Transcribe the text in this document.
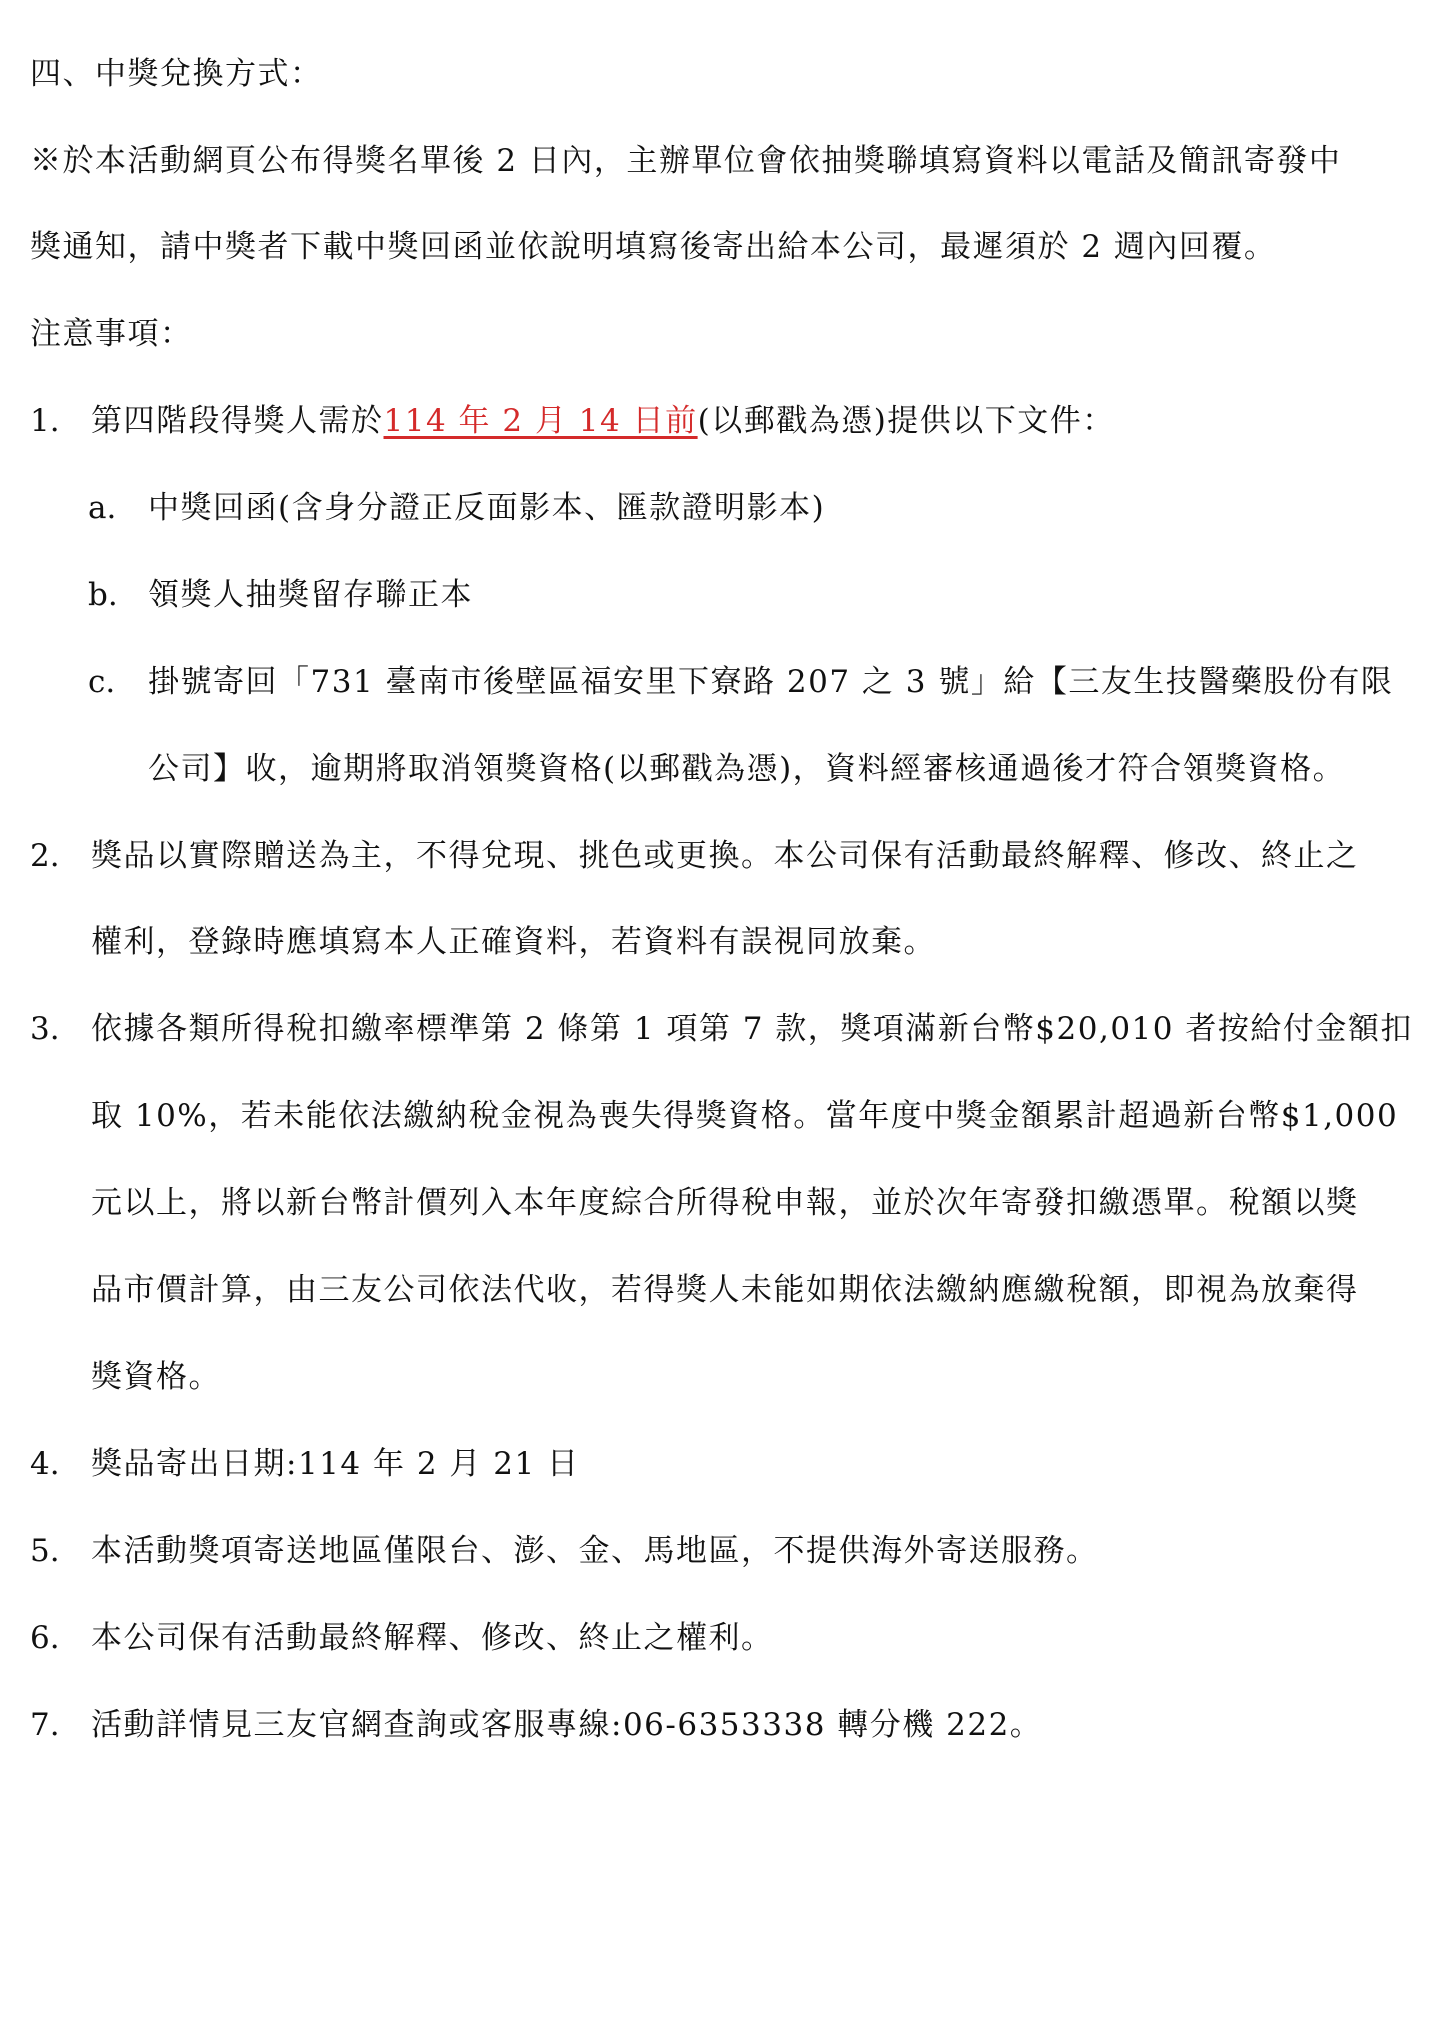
四、中獎兌換方式：
※於本活動網頁公布得獎名單後 2 日內，主辦單位會依抽獎聯填寫資料以電話及簡訊寄發中
獎通知，請中獎者下載中獎回函並依說明填寫後寄出給本公司，最遲須於 2 週內回覆。
注意事項：
1. 第四階段得獎人需於114 年 2 月 14 日前(以郵戳為憑)提供以下文件：
a. 中獎回函(含身分證正反面影本、匯款證明影本)
b. 領獎人抽獎留存聯正本
c. 掛號寄回「731 臺南市後壁區福安里下寮路 207 之 3 號」給【三友生技醫藥股份有限
公司】收，逾期將取消領獎資格(以郵戳為憑)，資料經審核通過後才符合領獎資格。
2. 獎品以實際贈送為主，不得兌現、挑色或更換。本公司保有活動最終解釋、修改、終止之
權利，登錄時應填寫本人正確資料，若資料有誤視同放棄。
3. 依據各類所得稅扣繳率標準第 2 條第 1 項第 7 款，獎項滿新台幣$20,010 者按給付金額扣
取 10%，若未能依法繳納稅金視為喪失得獎資格。當年度中獎金額累計超過新台幣$1,000
元以上，將以新台幣計價列入本年度綜合所得稅申報，並於次年寄發扣繳憑單。稅額以獎
品市價計算，由三友公司依法代收，若得獎人未能如期依法繳納應繳稅額，即視為放棄得
獎資格。
4. 獎品寄出日期:114 年 2 月 21 日
5. 本活動獎項寄送地區僅限台、澎、金、馬地區，不提供海外寄送服務。
6. 本公司保有活動最終解釋、修改、終止之權利。
7. 活動詳情見三友官網查詢或客服專線:06-6353338 轉分機 222。
